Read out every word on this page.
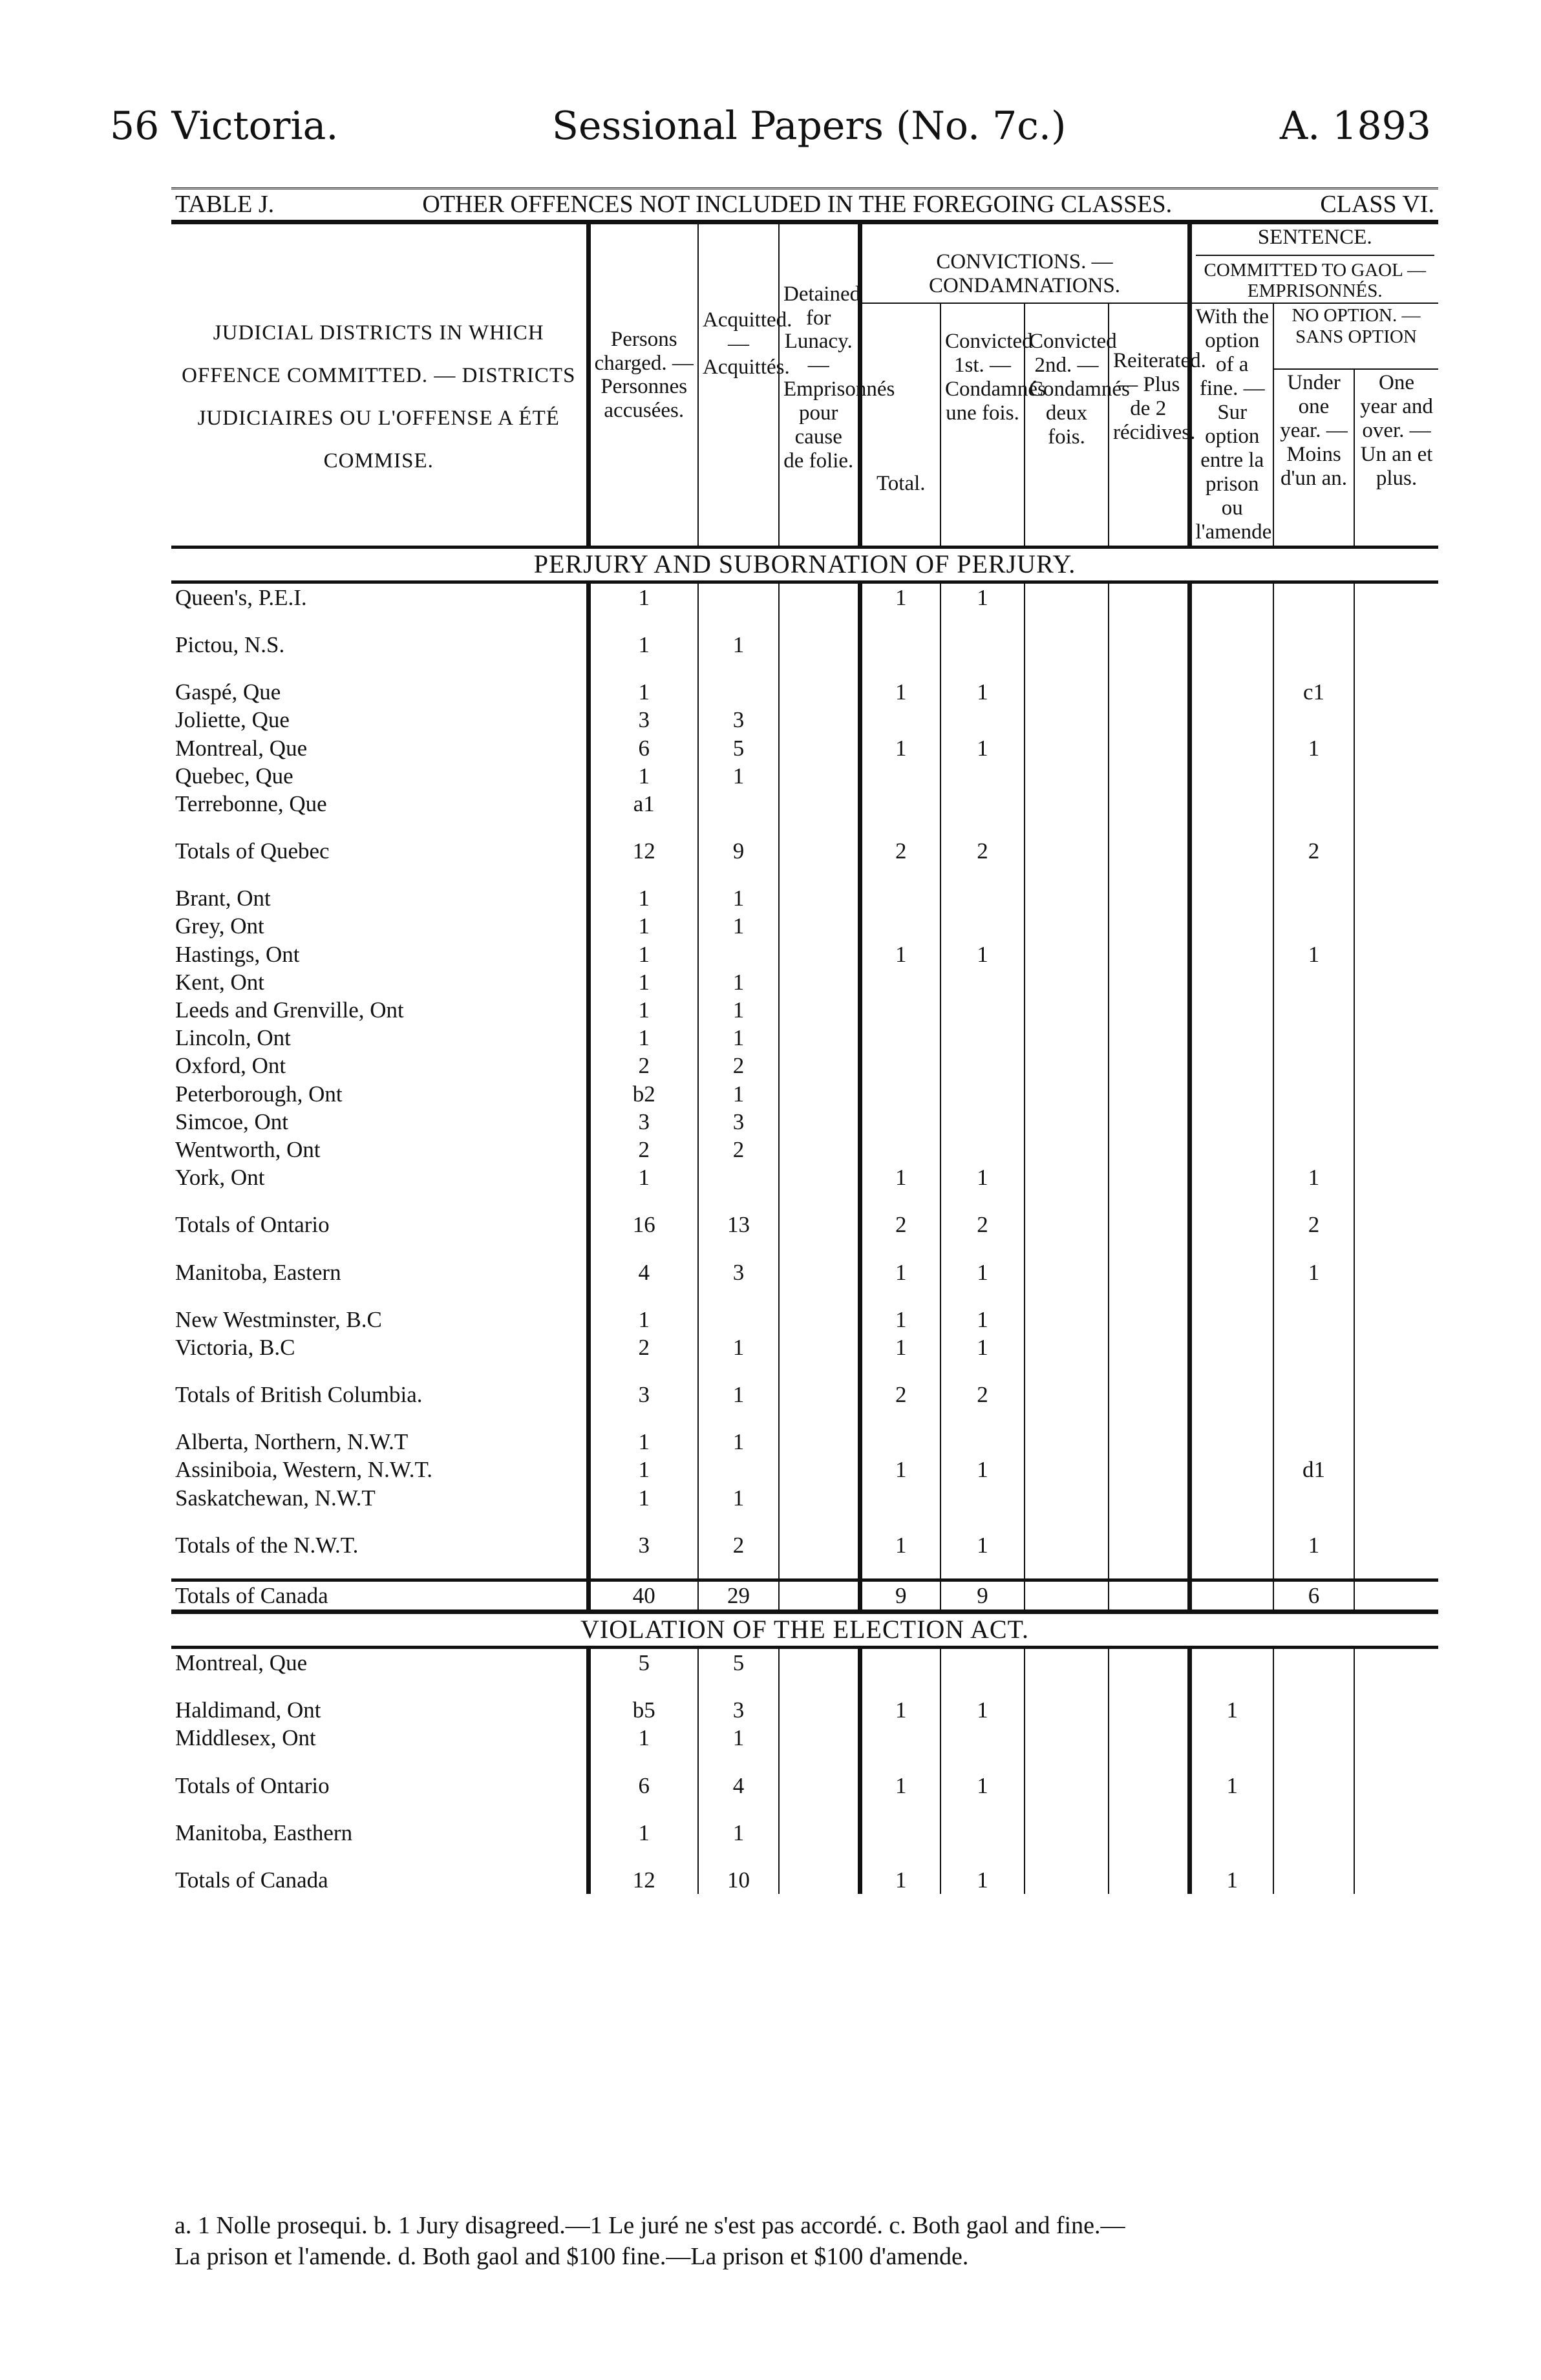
56 Victoria.	Sessional Papers (No. 7c.)	A. 1893
TABLE J. OTHER OFFENCES NOT INCLUDED IN THE FOREGOING CLASSES. CLASS VI.										

JUDICIAL DISTRICTS IN WHICH OFFENCE COMMITTED. — DISTRICTS JUDICIAIRES OU L'OFFENSE A ÉTÉ COMMISE.	Persons charged. — Personnes accusées.	Acquitted. — Acquittés.	Detained for Lunacy. — Emprisonnés pour cause de folie.	CONVICTIONS. — CONDAMNATIONS.				SENTENCE.
COMMITTED TO GAOL — EMPRISONNÉS.		

				Total.	Convicted 1st. — Condamnés une fois.	Convicted 2nd. — Condamnés deux fois.	Reiterated. — Plus de 2 récidives.	With the option of a fine. — Sur option entre la prison ou l'amende	NO OPTION. — SANS OPTION	
									Under one year. — Moins d'un an.	One year and over. — Un an et plus.
PERJURY AND SUBORNATION OF PERJURY.										
Queen's, P.E.I.	1			1	1					

Pictou, N.S.	1	1								

Gaspé, Que	1			1	1				c1	
Joliette, Que	3	3								
Montreal, Que	6	5		1	1				1	
Quebec, Que	1	1								
Terrebonne, Que	a1									

Totals of Quebec	12	9		2	2				2	

Brant, Ont	1	1								
Grey, Ont	1	1								
Hastings, Ont	1			1	1				1	
Kent, Ont	1	1								
Leeds and Grenville, Ont	1	1								
Lincoln, Ont	1	1								
Oxford, Ont	2	2								
Peterborough, Ont	b2	1								
Simcoe, Ont	3	3								
Wentworth, Ont	2	2								
York, Ont	1			1	1				1	

Totals of Ontario	16	13		2	2				2	

Manitoba, Eastern	4	3		1	1				1	

New Westminster, B.C	1			1	1					
Victoria, B.C	2	1		1	1					

Totals of British Columbia.	3	1		2	2					

Alberta, Northern, N.W.T	1	1								
Assiniboia, Western, N.W.T.	1			1	1				d1	
Saskatchewan, N.W.T	1	1								

Totals of the N.W.T.	3	2		1	1				1	

Totals of Canada	40	29		9	9				6	
VIOLATION OF THE ELECTION ACT.										
Montreal, Que	5	5								

Haldimand, Ont	b5	3		1	1			1		
Middlesex, Ont	1	1								

Totals of Ontario	6	4		1	1			1		

Manitoba, Easthern	1	1								

Totals of Canada	12	10		1	1			1		
a. 1 Nolle prosequi. b. 1 Jury disagreed.—1 Le juré ne s'est pas accordé. c. Both gaol and fine.—
La prison et l'amende. d. Both gaol and $100 fine.—La prison et $100 d'amende.
